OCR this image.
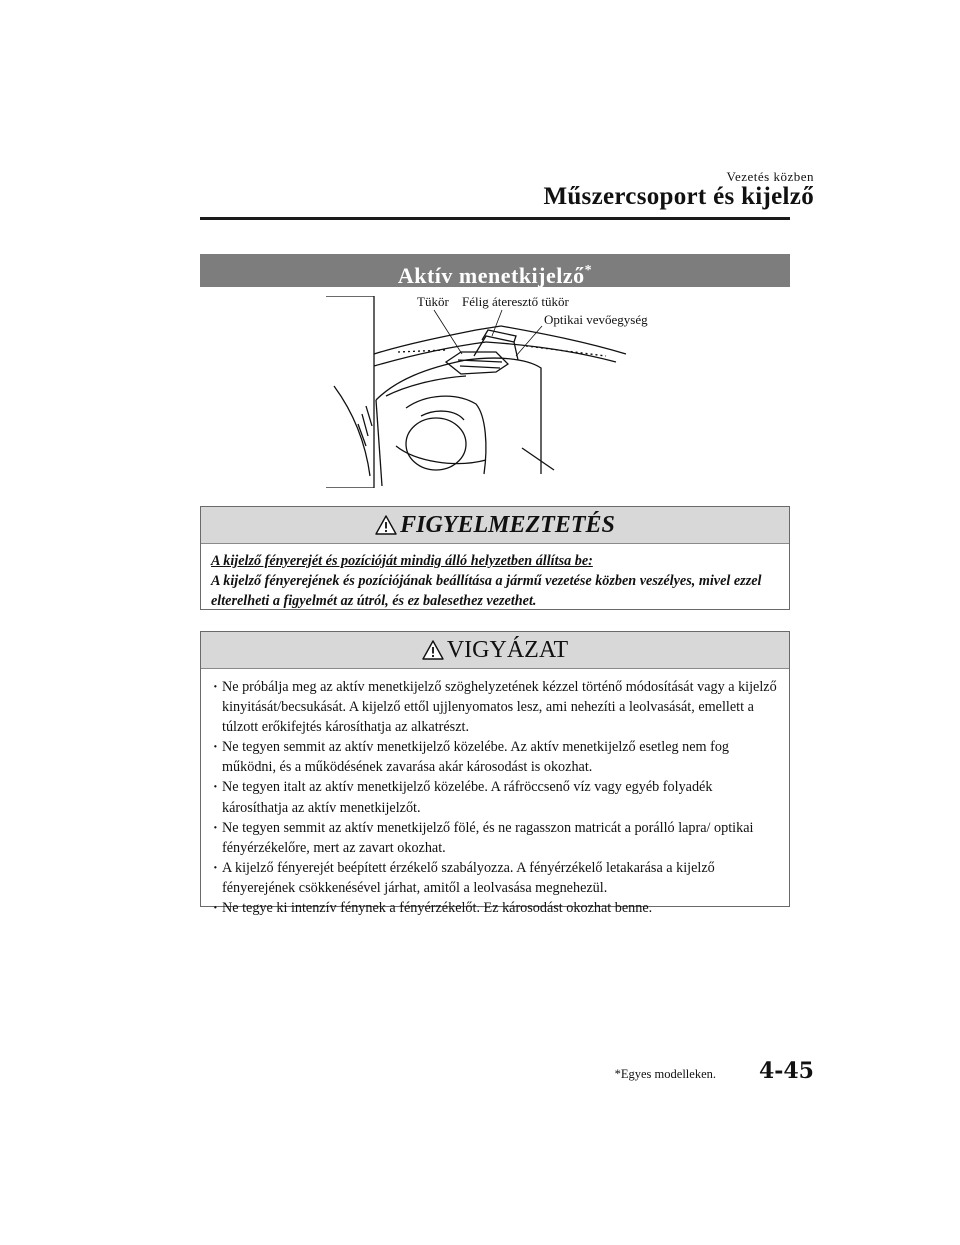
Vezetés közben
Műszercsoport és kijelző
Aktív menetkijelző*
Tükör Félig áteresztő tükör
Optikai vevőegység
FIGYELMEZTETÉS
A kijelző fényerejét és pozícióját mindig álló helyzetben állítsa be:
A kijelző fényerejének és pozíciójának beállítása a jármű vezetése közben veszélyes, mivel ezzel elterelheti a figyelmét az útról, és ez balesethez vezethet.
VIGYÁZAT
· Ne próbálja meg az aktív menetkijelző szöghelyzetének kézzel történő módosítását vagy a kijelző kinyitását/becsukását. A kijelző ettől ujjlenyomatos lesz, ami nehezíti a leolvasását, emellett a túlzott erőkifejtés károsíthatja az alkatrészt.
· Ne tegyen semmit az aktív menetkijelző közelébe. Az aktív menetkijelző esetleg nem fog működni, és a működésének zavarása akár károsodást is okozhat.
· Ne tegyen italt az aktív menetkijelző közelébe. A ráfröccsenő víz vagy egyéb folyadék károsíthatja az aktív menetkijelzőt.
· Ne tegyen semmit az aktív menetkijelző fölé, és ne ragasszon matricát a porálló lapra/ optikai fényérzékelőre, mert az zavart okozhat.
· A kijelző fényerejét beépített érzékelő szabályozza. A fényérzékelő letakarása a kijelző fényerejének csökkenésével járhat, amitől a leolvasása megnehezül.
· Ne tegye ki intenzív fénynek a fényérzékelőt. Ez károsodást okozhat benne.
*Egyes modelleken. 4-45
